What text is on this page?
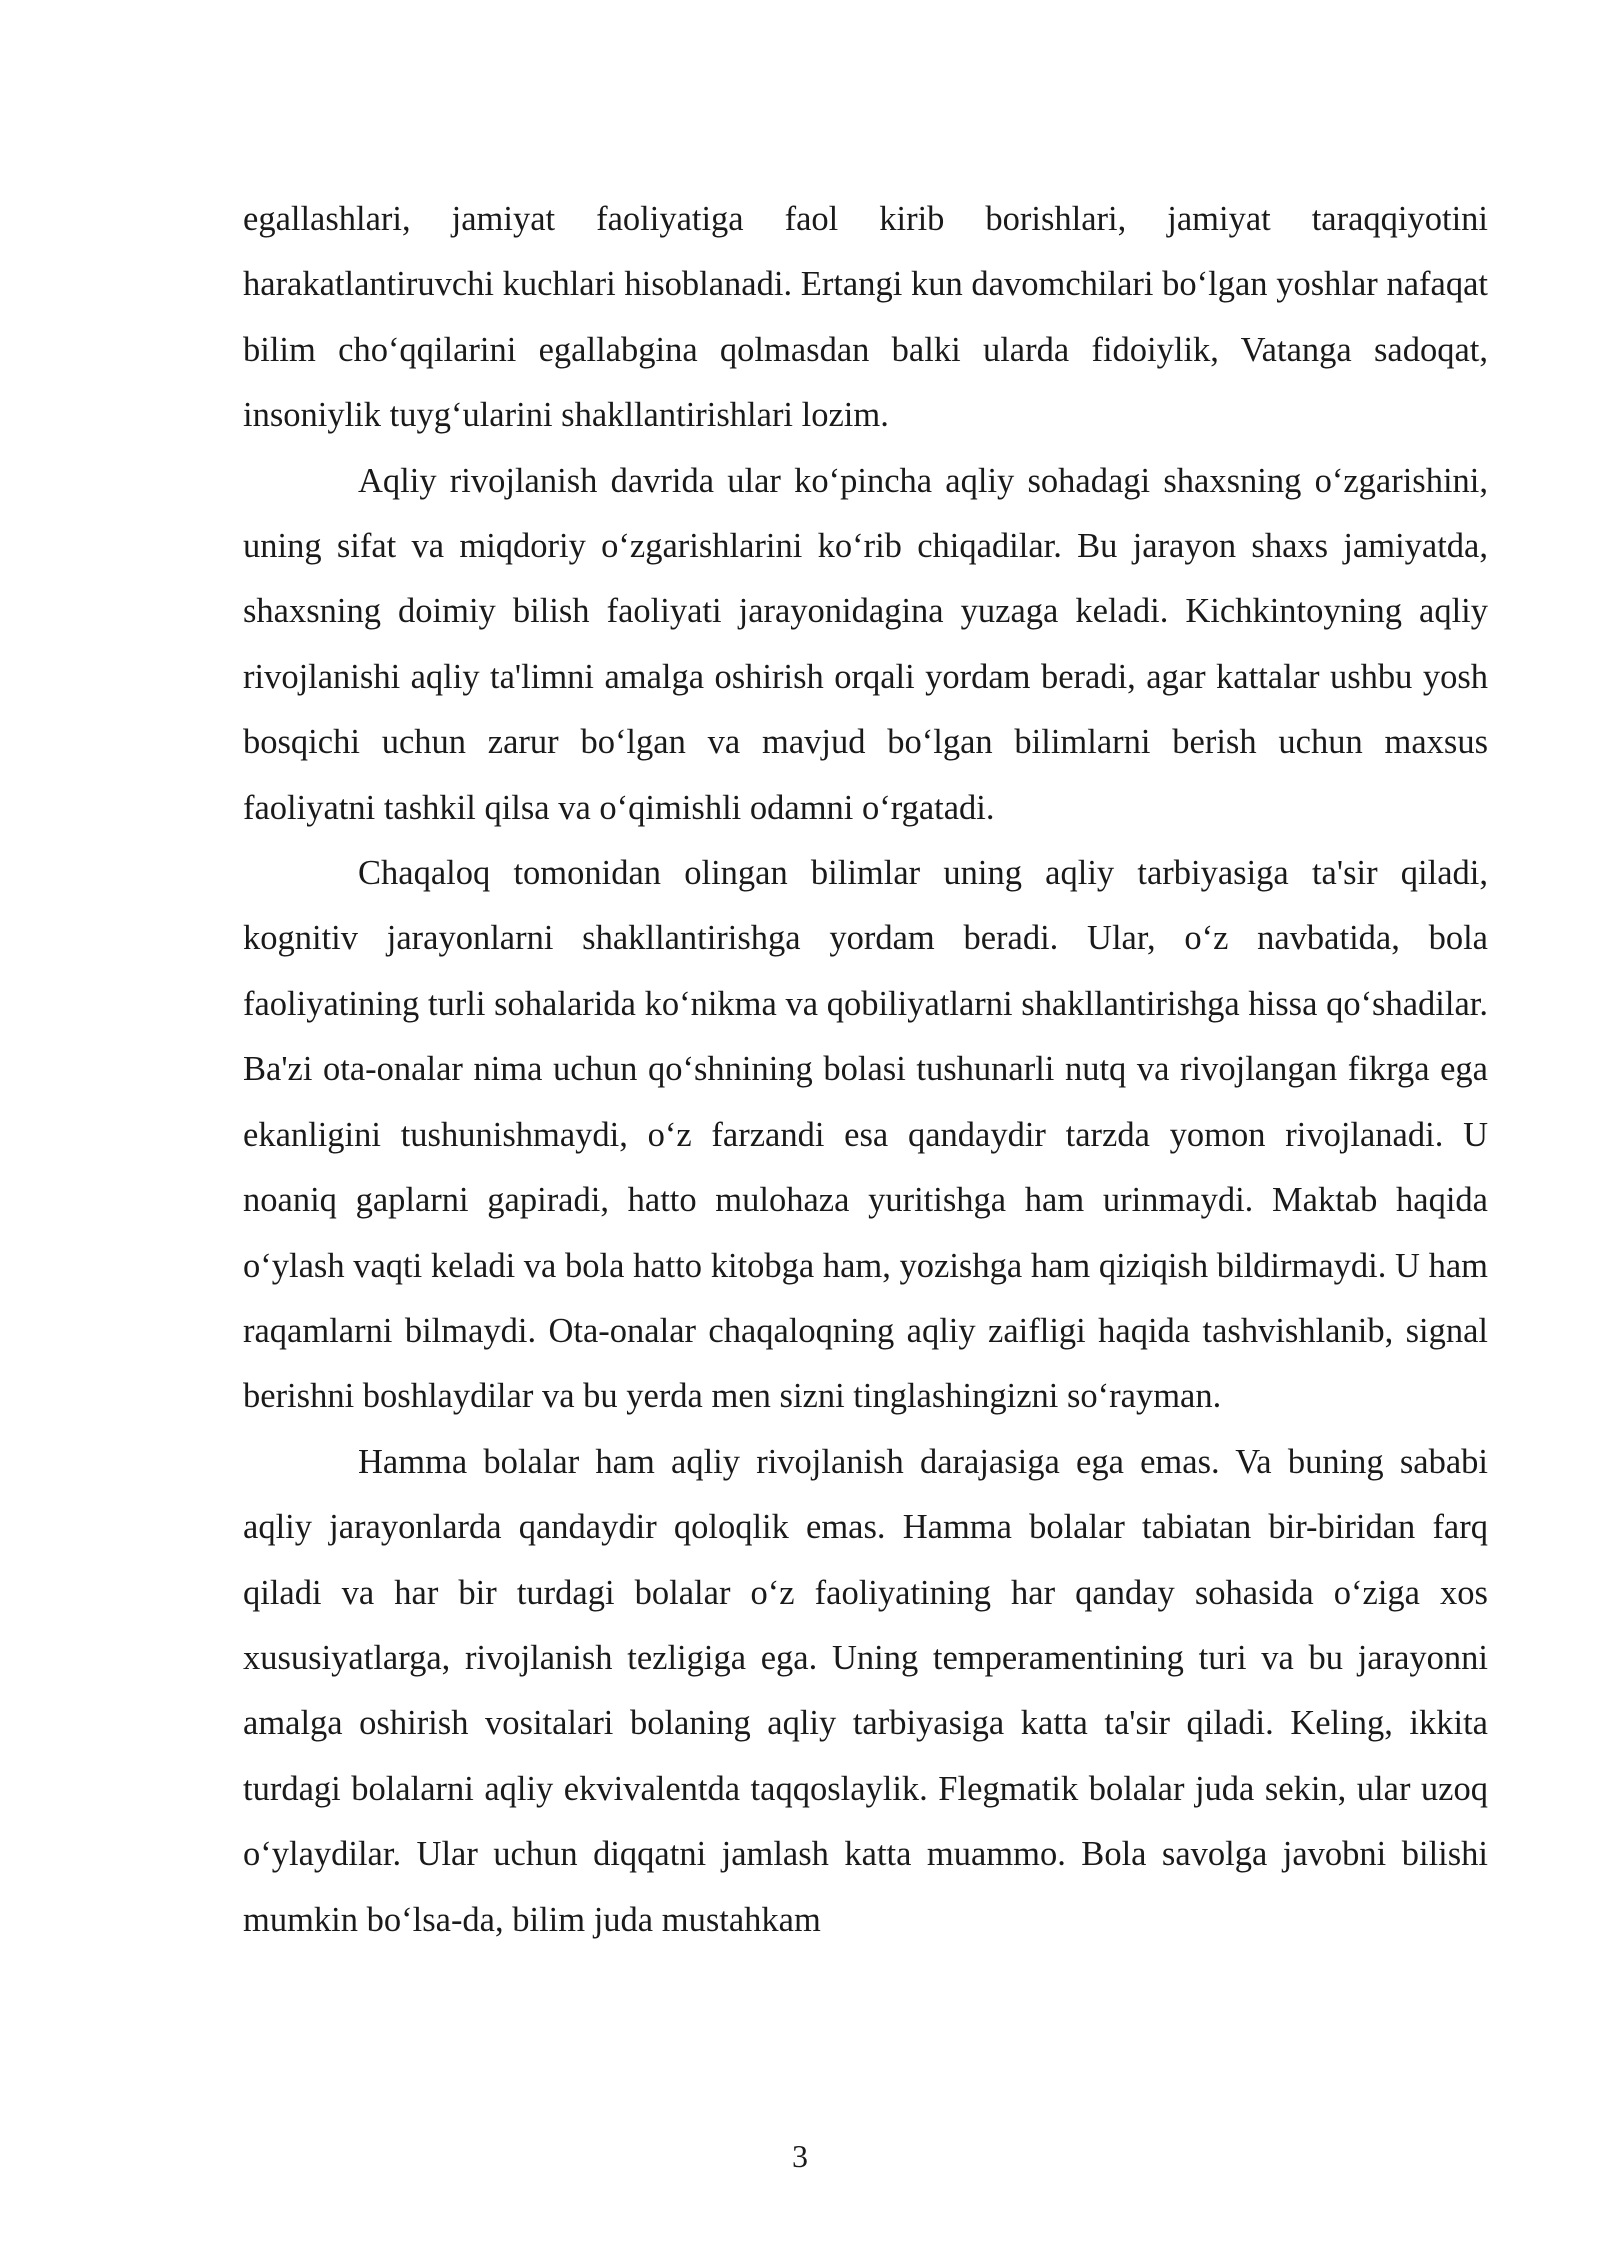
egallashlari, jamiyat faoliyatiga faol kirib borishlari, jamiyat taraqqiyotini harakatlantiruvchi kuchlari hisoblanadi. Ertangi kun davomchilari bo‘lgan yoshlar nafaqat bilim cho‘qqilarini egallabgina qolmasdan balki ularda fidoiylik, Vatanga sadoqat, insoniylik tuyg‘ularini shakllantirishlari lozim.

Aqliy rivojlanish davrida ular ko‘pincha aqliy sohadagi shaxsning o‘zgarishini, uning sifat va miqdoriy o‘zgarishlarini ko‘rib chiqadilar. Bu jarayon shaxs jamiyatda, shaxsning doimiy bilish faoliyati jarayonidagina yuzaga keladi. Kichkintoyning aqliy rivojlanishi aqliy ta'limni amalga oshirish orqali yordam beradi, agar kattalar ushbu yosh bosqichi uchun zarur bo‘lgan va mavjud bo‘lgan bilimlarni berish uchun maxsus faoliyatni tashkil qilsa va o‘qimishli odamni o‘rgatadi.

Chaqaloq tomonidan olingan bilimlar uning aqliy tarbiyasiga ta'sir qiladi, kognitiv jarayonlarni shakllantirishga yordam beradi. Ular, o‘z navbatida, bola faoliyatining turli sohalarida ko‘nikma va qobiliyatlarni shakllantirishga hissa qo‘shadilar. Ba'zi ota-onalar nima uchun qo‘shnining bolasi tushunarli nutq va rivojlangan fikrga ega ekanligini tushunishmaydi, o‘z farzandi esa qandaydir tarzda yomon rivojlanadi. U noaniq gaplarni gapiradi, hatto mulohaza yuritishga ham urinmaydi. Maktab haqida o‘ylash vaqti keladi va bola hatto kitobga ham, yozishga ham qiziqish bildirmaydi. U ham raqamlarni bilmaydi. Ota-onalar chaqaloqning aqliy zaifligi haqida tashvishlanib, signal berishni boshlaydilar va bu yerda men sizni tinglashingizni so‘rayman.

Hamma bolalar ham aqliy rivojlanish darajasiga ega emas. Va buning sababi aqliy jarayonlarda qandaydir qoloqlik emas. Hamma bolalar tabiatan bir-biridan farq qiladi va har bir turdagi bolalar o‘z faoliyatining har qanday sohasida o‘ziga xos xususiyatlarga, rivojlanish tezligiga ega. Uning temperamentining turi va bu jarayonni amalga oshirish vositalari bolaning aqliy tarbiyasiga katta ta'sir qiladi. Keling, ikkita turdagi bolalarni aqliy ekvivalentda taqqoslaylik. Flegmatik bolalar juda sekin, ular uzoq o‘ylaydilar. Ular uchun diqqatni jamlash katta muammo. Bola savolga javobni bilishi mumkin bo‘lsa-da, bilim juda mustahkam

3
